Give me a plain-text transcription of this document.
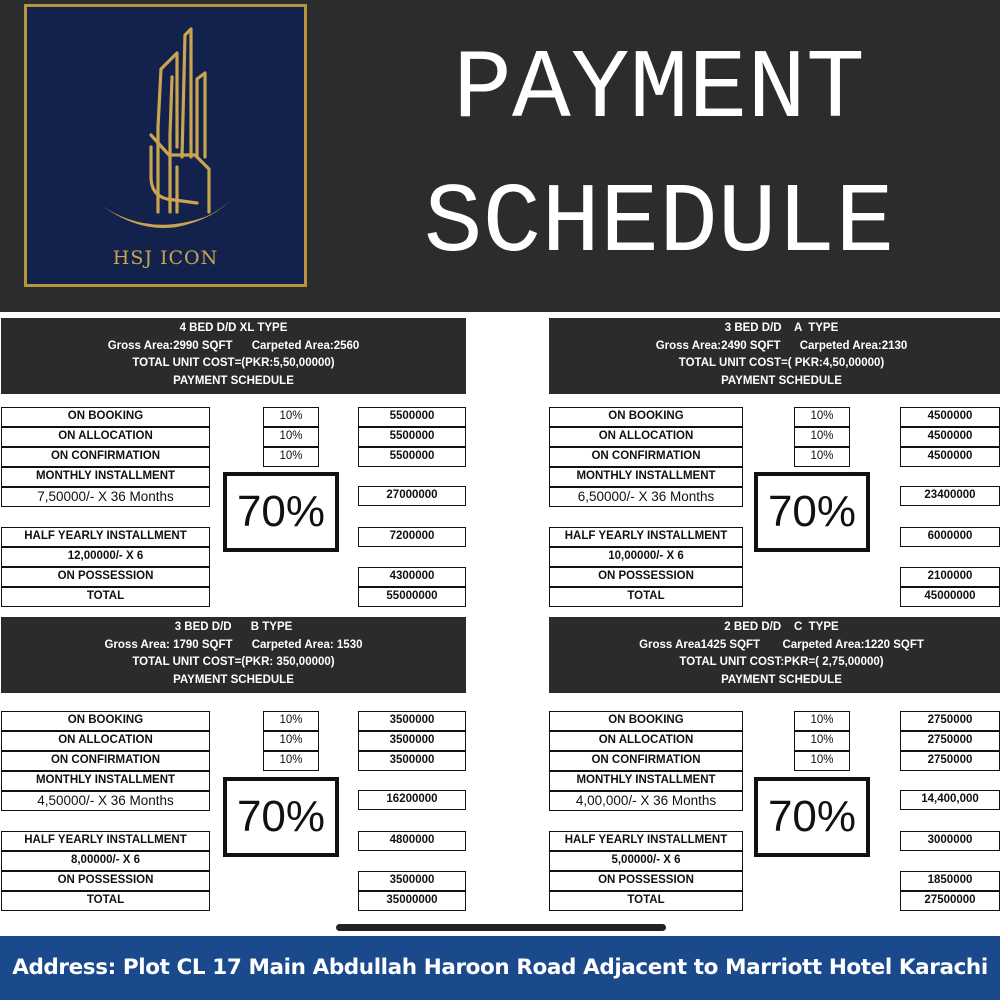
HSJ ICON
PAYMENT
SCHEDULE
4 BED D/D XL TYPE
Gross Area:2990 SQFT      Carpeted Area:2560
TOTAL UNIT COST=(PKR:5,50,00000)
PAYMENT SCHEDULE
ON BOOKING	10%	5500000
ON ALLOCATION	10%	5500000
ON CONFIRMATION	10%	5500000
MONTHLY INSTALLMENT
7,50000/- X 36 Months	27000000
70%
HALF YEARLY INSTALLMENT	7200000
12,00000/- X 6
ON POSSESSION	4300000
TOTAL	55000000
3 BED D/D    A  TYPE
Gross Area:2490 SQFT      Carpeted Area:2130
TOTAL UNIT COST=( PKR:4,50,00000)
PAYMENT SCHEDULE
ON BOOKING	10%	4500000
ON ALLOCATION	10%	4500000
ON CONFIRMATION	10%	4500000
MONTHLY INSTALLMENT
6,50000/- X 36 Months	23400000
70%
HALF YEARLY INSTALLMENT	6000000
10,00000/- X 6
ON POSSESSION	2100000
TOTAL	45000000
3 BED D/D      B TYPE
Gross Area: 1790 SQFT      Carpeted Area: 1530
TOTAL UNIT COST=(PKR: 350,00000)
PAYMENT SCHEDULE
ON BOOKING	10%	3500000
ON ALLOCATION	10%	3500000
ON CONFIRMATION	10%	3500000
MONTHLY INSTALLMENT
4,50000/- X 36 Months	16200000
70%
HALF YEARLY INSTALLMENT	4800000
8,00000/- X 6
ON POSSESSION	3500000
TOTAL	35000000
2 BED D/D    C  TYPE
Gross Area1425 SQFT       Carpeted Area:1220 SQFT
TOTAL UNIT COST:PKR=( 2,75,00000)
PAYMENT SCHEDULE
ON BOOKING	10%	2750000
ON ALLOCATION	10%	2750000
ON CONFIRMATION	10%	2750000
MONTHLY INSTALLMENT
4,00,000/- X 36 Months	14,400,000
70%
HALF YEARLY INSTALLMENT	3000000
5,00000/- X 6
ON POSSESSION	1850000
TOTAL	27500000
Address: Plot CL 17 Main Abdullah Haroon Road Adjacent to Marriott Hotel Karachi
